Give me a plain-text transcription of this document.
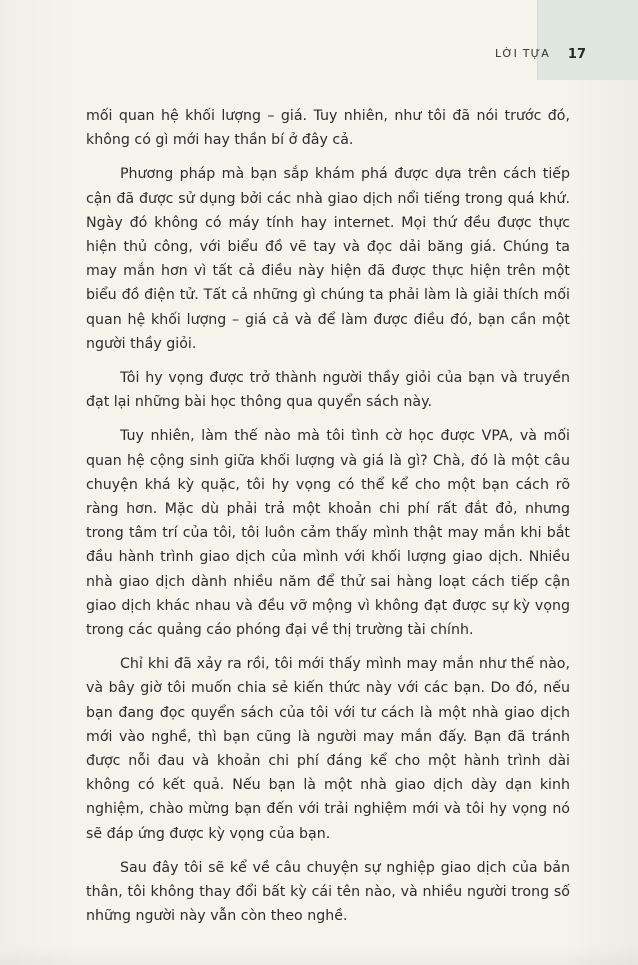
17
LỜI TỰA

mối quan hệ khối lượng – giá. Tuy nhiên, như tôi đã nói trước đó, không có gì mới hay thần bí ở đây cả.

Phương pháp mà bạn sắp khám phá được dựa trên cách tiếp cận đã được sử dụng bởi các nhà giao dịch nổi tiếng trong quá khứ. Ngày đó không có máy tính hay internet. Mọi thứ đều được thực hiện thủ công, với biểu đồ vẽ tay và đọc dải băng giá. Chúng ta may mắn hơn vì tất cả điều này hiện đã được thực hiện trên một biểu đồ điện tử. Tất cả những gì chúng ta phải làm là giải thích mối quan hệ khối lượng – giá cả và để làm được điều đó, bạn cần một người thầy giỏi.

Tôi hy vọng được trở thành người thầy giỏi của bạn và truyền đạt lại những bài học thông qua quyển sách này.

Tuy nhiên, làm thế nào mà tôi tình cờ học được VPA, và mối quan hệ cộng sinh giữa khối lượng và giá là gì? Chà, đó là một câu chuyện khá kỳ quặc, tôi hy vọng có thể kể cho một bạn cách rõ ràng hơn. Mặc dù phải trả một khoản chi phí rất đắt đỏ, nhưng trong tâm trí của tôi, tôi luôn cảm thấy mình thật may mắn khi bắt đầu hành trình giao dịch của mình với khối lượng giao dịch. Nhiều nhà giao dịch dành nhiều năm để thử sai hàng loạt cách tiếp cận giao dịch khác nhau và đều vỡ mộng vì không đạt được sự kỳ vọng trong các quảng cáo phóng đại về thị trường tài chính.

Chỉ khi đã xảy ra rồi, tôi mới thấy mình may mắn như thế nào, và bây giờ tôi muốn chia sẻ kiến thức này với các bạn. Do đó, nếu bạn đang đọc quyển sách của tôi với tư cách là một nhà giao dịch mới vào nghề, thì bạn cũng là người may mắn đấy. Bạn đã tránh được nỗi đau và khoản chi phí đáng kể cho một hành trình dài không có kết quả. Nếu bạn là một nhà giao dịch dày dạn kinh nghiệm, chào mừng bạn đến với trải nghiệm mới và tôi hy vọng nó sẽ đáp ứng được kỳ vọng của bạn.

Sau đây tôi sẽ kể về câu chuyện sự nghiệp giao dịch của bản thân, tôi không thay đổi bất kỳ cái tên nào, và nhiều người trong số những người này vẫn còn theo nghề.
